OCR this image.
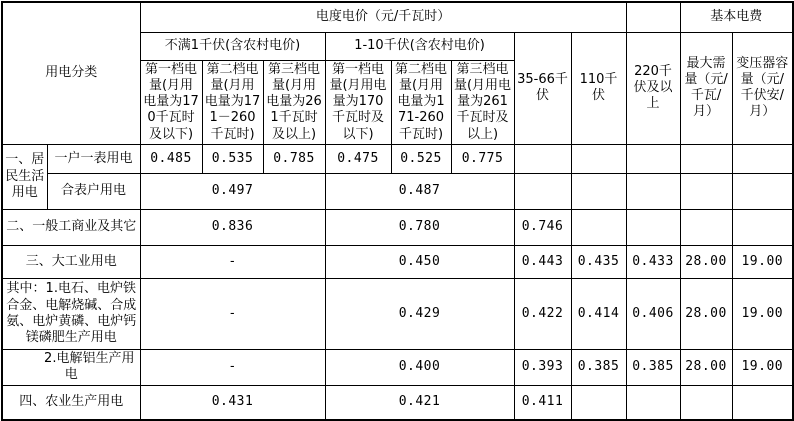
用电分类		电度电价（元/千瓦时）									基本电费	
		不满1千伏(含农村电价)			1-10千伏(含农村电价)			35-66千伏	110千伏	220千伏及以上	最大需量（元/千瓦/月）	变压器容量（元/千伏安/月）
		第一档电量(月用电量为170千瓦时及以下)	第二档电量(月用电量为171－260千瓦时)	第三档电量(月用电量为261千瓦时及以上)	第一档电量(月用电量为170千瓦时及以下)	第二档电量(月用电量为171-260千瓦时)	第三档电量(月用电量为261千瓦时及以上)					
一、居民生活用电	一户一表用电	0.485	0.535	0.785	0.475	0.525	0.775					
	合表户用电	0.497			0.487							
二、一般工商业及其它		0.836			0.780			0.746				
三、大工业用电		-			0.450			0.443	0.435	0.433	28.00	19.00
其中：1.电石、电炉铁合金、电解烧碱、合成氨、电炉黄磷、电炉钙镁磷肥生产用电		-			0.429			0.422	0.414	0.406	28.00	19.00
2.电解铝生产用电		-			0.400			0.393	0.385	0.385	28.00	19.00
四、农业生产用电		0.431			0.421			0.411				
